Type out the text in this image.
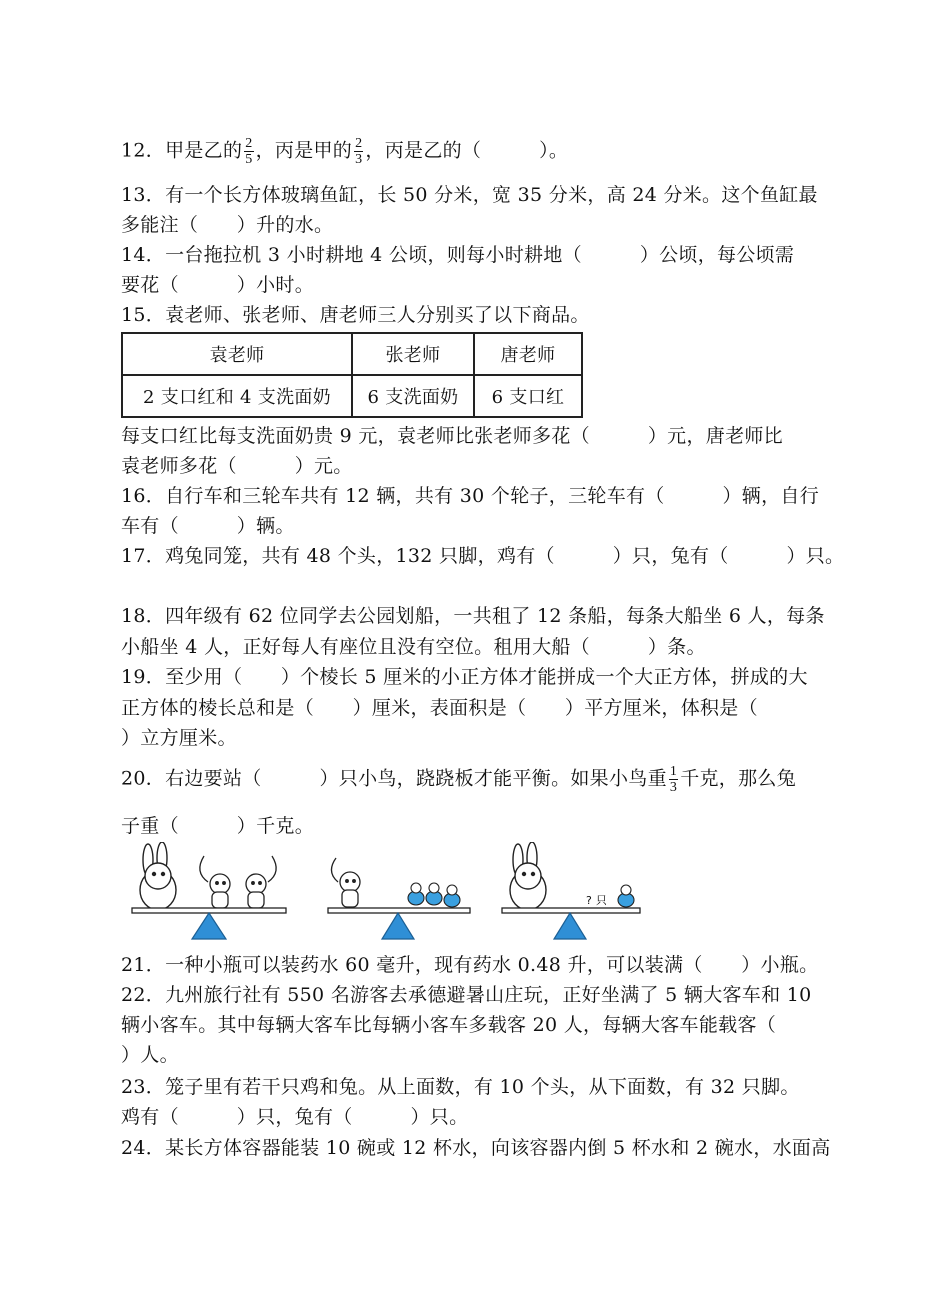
12．甲是乙的 $\frac{2}{5}$ ，丙是甲的 $\frac{2}{3}$ ，丙是乙的（　　　）。
13．有一个长方体玻璃鱼缸，长 50 分米，宽 35 分米，高 24 分米。这个鱼缸最
多能注（　　）升的水。
14．一台拖拉机 3 小时耕地 4 公顷，则每小时耕地（　　　）公顷，每公顷需
要花（　　　）小时。
15．袁老师、张老师、唐老师三人分别买了以下商品。
袁老师	张老师	唐老师
2 支口红和 4 支洗面奶	6 支洗面奶	6 支口红
每支口红比每支洗面奶贵 9 元，袁老师比张老师多花（　　　）元，唐老师比
袁老师多花（　　　）元。
16．自行车和三轮车共有 12 辆，共有 30 个轮子，三轮车有（　　　）辆，自行
车有（　　　）辆。
17．鸡兔同笼，共有 48 个头，132 只脚，鸡有（　　　）只，兔有（　　　）只。
18．四年级有 62 位同学去公园划船，一共租了 12 条船，每条大船坐 6 人，每条
小船坐 4 人，正好每人有座位且没有空位。租用大船（　　　）条。
19．至少用（　　）个棱长 5 厘米的小正方体才能拼成一个大正方体，拼成的大
正方体的棱长总和是（　　）厘米，表面积是（　　）平方厘米，体积是（
）立方厘米。
20．右边要站（　　　）只小鸟，跷跷板才能平衡。如果小鸟重 $\frac{1}{3}$ 千克，那么兔
子重（　　　）千克。
? 只
21．一种小瓶可以装药水 60 毫升，现有药水 0.48 升，可以装满（　　）小瓶。
22．九州旅行社有 550 名游客去承德避暑山庄玩，正好坐满了 5 辆大客车和 10
辆小客车。其中每辆大客车比每辆小客车多载客 20 人，每辆大客车能载客（
）人。
23．笼子里有若干只鸡和兔。从上面数，有 10 个头，从下面数，有 32 只脚。
鸡有（　　　）只，兔有（　　　）只。
24．某长方体容器能装 10 碗或 12 杯水，向该容器内倒 5 杯水和 2 碗水，水面高
